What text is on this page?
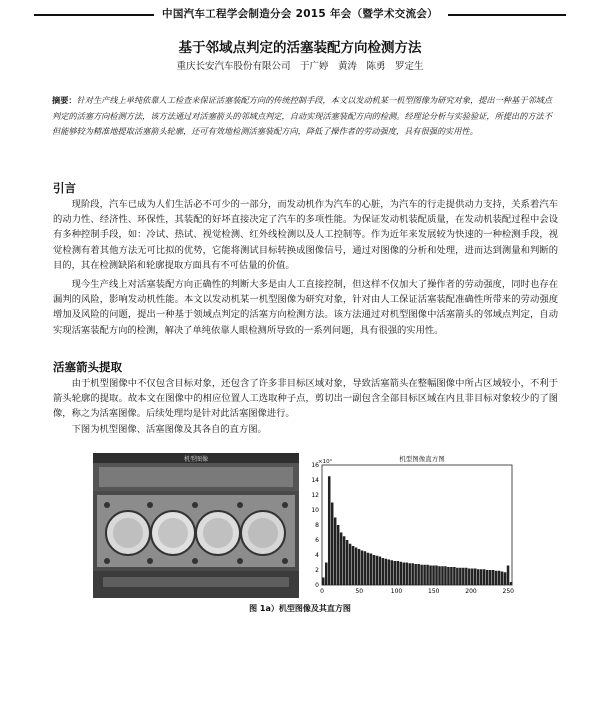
中国汽车工程学会制造分会 2015 年会（暨学术交流会）
基于邻域点判定的活塞装配方向检测方法
重庆长安汽车股份有限公司　于广婷　黄涛　陈勇　罗定生
摘要：针对生产线上单纯依靠人工检查来保证活塞装配方向的传统控制手段，本文以发动机某一机型图像为研究对象，提出一种基于邻域点判定的活塞方向检测方法，该方法通过对活塞箭头的邻域点判定，自动实现活塞装配方向的检测。经理论分析与实验验证，所提出的方法不但能够较为精准地提取活塞箭头轮廓，还可有效地检测活塞装配方向，降低了操作者的劳动强度，具有很强的实用性。
引言
现阶段，汽车已成为人们生活必不可少的一部分，而发动机作为汽车的心脏，为汽车的行走提供动力支持，关系着汽车的动力性、经济性、环保性，其装配的好坏直接决定了汽车的多项性能。为保证发动机装配质量，在发动机装配过程中会设有多种控制手段，如：冷试、热试、视觉检测、红外线检测以及人工控制等。作为近年来发展较为快速的一种检测手段，视觉检测有着其他方法无可比拟的优势，它能将测试目标转换成图像信号，通过对图像的分析和处理，进而达到测量和判断的目的，其在检测缺陷和轮廓提取方面具有不可估量的价值。
现今生产线上对活塞装配方向正确性的判断大多是由人工直接控制，但这样不仅加大了操作者的劳动强度，同时也存在漏判的风险，影响发动机性能。本文以发动机某一机型图像为研究对象，针对由人工保证活塞装配准确性所带来的劳动强度增加及风险的问题，提出一种基于领域点判定的活塞方向检测方法。该方法通过对机型图像中活塞箭头的邻域点判定，自动实现活塞装配方向的检测，解决了单纯依靠人眼检测所导致的一系列问题，具有很强的实用性。
活塞箭头提取
由于机型图像中不仅包含目标对象，还包含了许多非目标区域对象，导致活塞箭头在整幅图像中所占区域较小，不利于箭头轮廓的提取。故本文在图像中的相应位置人工选取种子点，剪切出一副包含全部目标区域在内且非目标对象较少的了图像，称之为活塞图像。后续处理均是针对此活塞图像进行。
下图为机型图像、活塞图像及其各自的直方图。
机型图像	机型图像直方图
×10⁴
0	50	100	150	200	250
0
2
4
6
8
10
12
14
16
图 1a）机型图像及其直方图
